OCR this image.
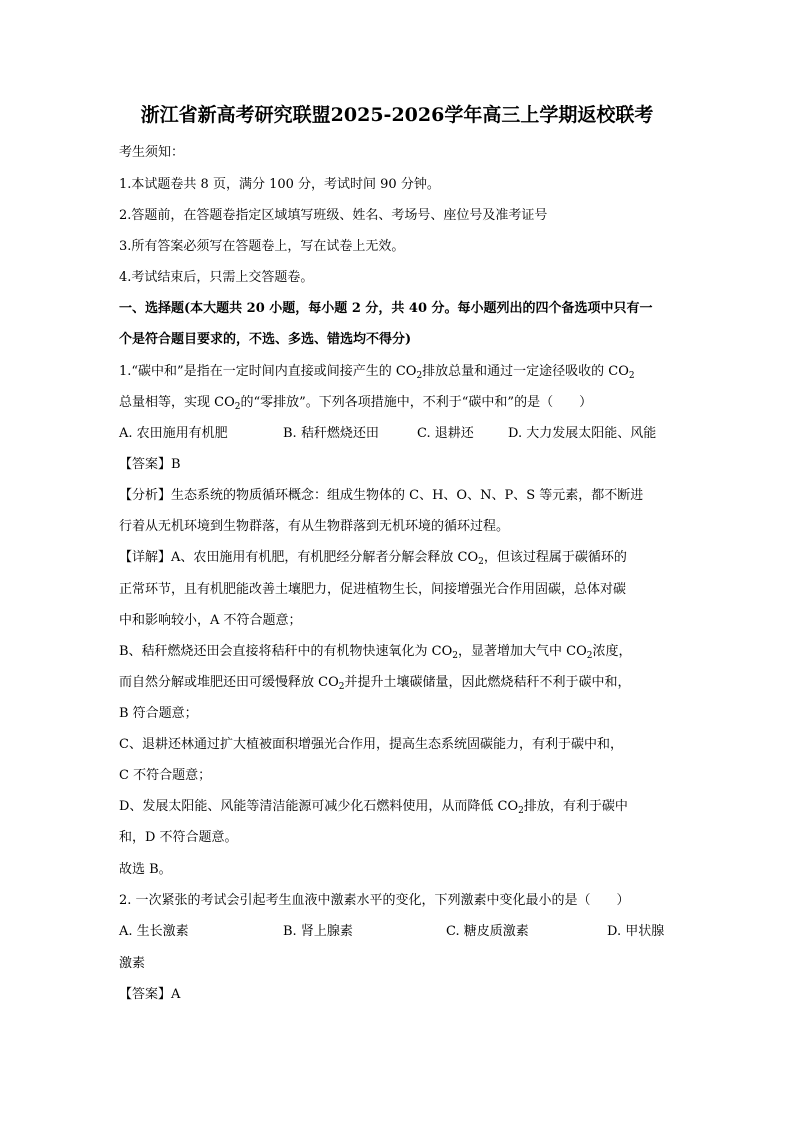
浙江省新高考研究联盟2025-2026学年高三上学期返校联考
考生须知：
1.本试题卷共 8 页，满分 100 分，考试时间 90 分钟。
2.答题前，在答题卷指定区域填写班级、姓名、考场号、座位号及准考证号
3.所有答案必须写在答题卷上，写在试卷上无效。
4.考试结束后，只需上交答题卷。
一、选择题(本大题共 20 小题，每小题 2 分，共 40 分。每小题列出的四个备选项中只有一
个是符合题目要求的，不选、多选、错选均不得分)
1.“碳中和”是指在一定时间内直接或间接产生的 $CO_2$排放总量和通过一定途径吸收的 $CO_2$
总量相等，实现 $CO_2$的“零排放”。下列各项措施中，不利于“碳中和”的是（　　）
A. 农田施用有机肥	B. 秸秆燃烧还田	C. 退耕还	D. 大力发展太阳能、风能
【答案】B
【分析】生态系统的物质循环概念：组成生物体的 C、H、O、N、P、S 等元素，都不断进
行着从无机环境到生物群落，有从生物群落到无机环境的循环过程。
【详解】A、农田施用有机肥，有机肥经分解者分解会释放 $CO_2$，但该过程属于碳循环的
正常环节，且有机肥能改善土壤肥力，促进植物生长，间接增强光合作用固碳，总体对碳
中和影响较小，A 不符合题意；
B、秸秆燃烧还田会直接将秸秆中的有机物快速氧化为 $CO_2$，显著增加大气中 $CO_2$浓度，
而自然分解或堆肥还田可缓慢释放 $CO_2$并提升土壤碳储量，因此燃烧秸秆不利于碳中和，
B 符合题意；
C、退耕还林通过扩大植被面积增强光合作用，提高生态系统固碳能力，有利于碳中和，
C 不符合题意；
D、发展太阳能、风能等清洁能源可减少化石燃料使用，从而降低 $CO_2$排放，有利于碳中
和，D 不符合题意。
故选 B。
2. 一次紧张的考试会引起考生血液中激素水平的变化，下列激素中变化最小的是（　　）
A. 生长激素	B. 肾上腺素	C. 糖皮质激素	D. 甲状腺
激素
【答案】A
